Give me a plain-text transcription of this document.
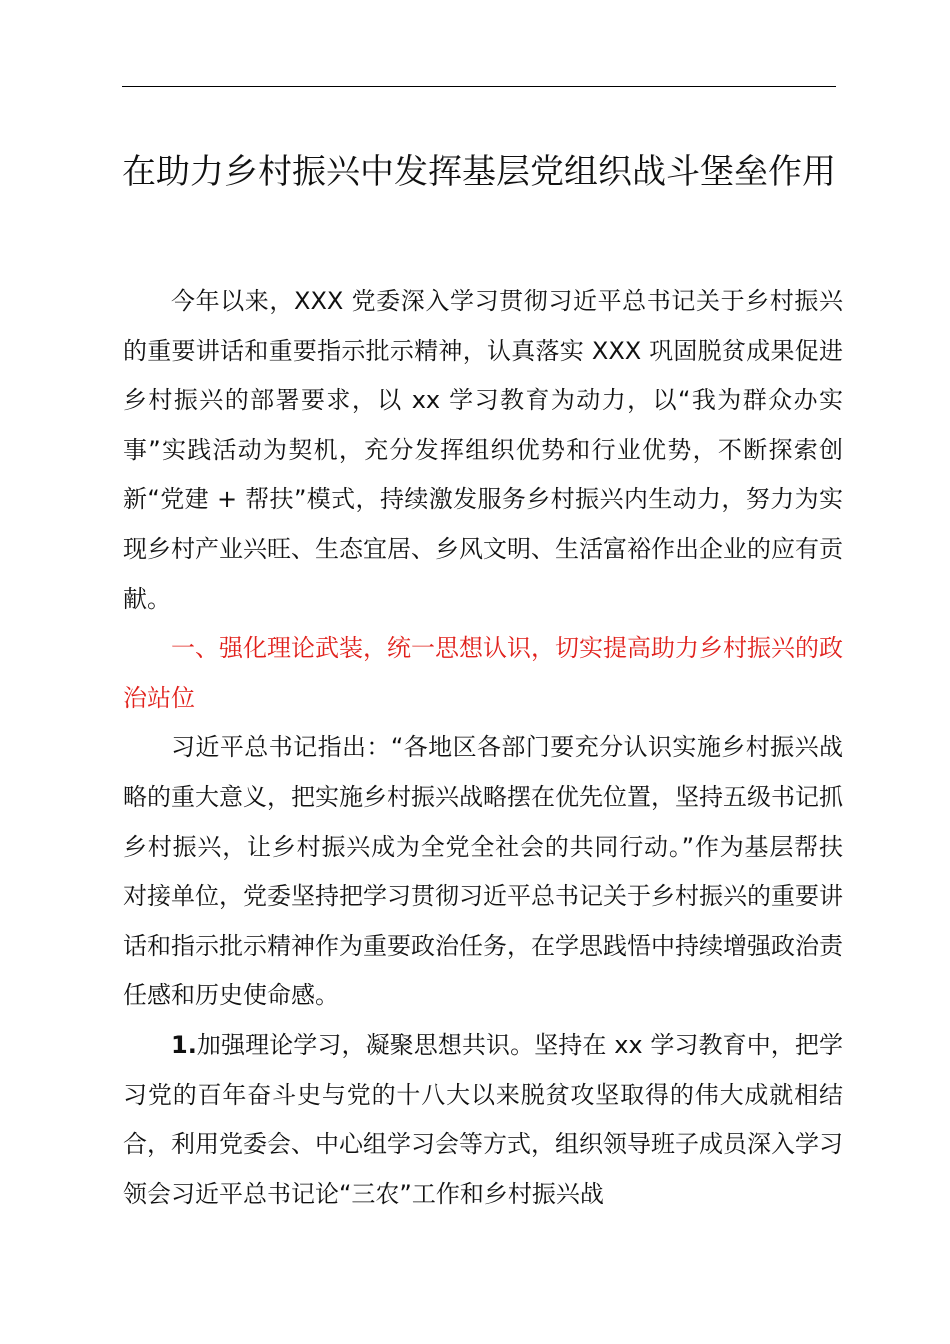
在助力乡村振兴中发挥基层党组织战斗堡垒作用

今年以来，XXX 党委深入学习贯彻习近平总书记关于乡村振兴的重要讲话和重要指示批示精神，认真落实 XXX 巩固脱贫成果促进乡村振兴的部署要求，以 xx 学习教育为动力，以“我为群众办实事”实践活动为契机，充分发挥组织优势和行业优势，不断探索创新“党建 + 帮扶”模式，持续激发服务乡村振兴内生动力，努力为实现乡村产业兴旺、生态宜居、乡风文明、生活富裕作出企业的应有贡献。

一、强化理论武装，统一思想认识，切实提高助力乡村振兴的政治站位

习近平总书记指出：“各地区各部门要充分认识实施乡村振兴战略的重大意义，把实施乡村振兴战略摆在优先位置，坚持五级书记抓乡村振兴，让乡村振兴成为全党全社会的共同行动。”作为基层帮扶对接单位，党委坚持把学习贯彻习近平总书记关于乡村振兴的重要讲话和指示批示精神作为重要政治任务，在学思践悟中持续增强政治责任感和历史使命感。

1.加强理论学习，凝聚思想共识。坚持在 xx 学习教育中，把学习党的百年奋斗史与党的十八大以来脱贫攻坚取得的伟大成就相结合，利用党委会、中心组学习会等方式，组织领导班子成员深入学习领会习近平总书记论“三农”工作和乡村振兴战
